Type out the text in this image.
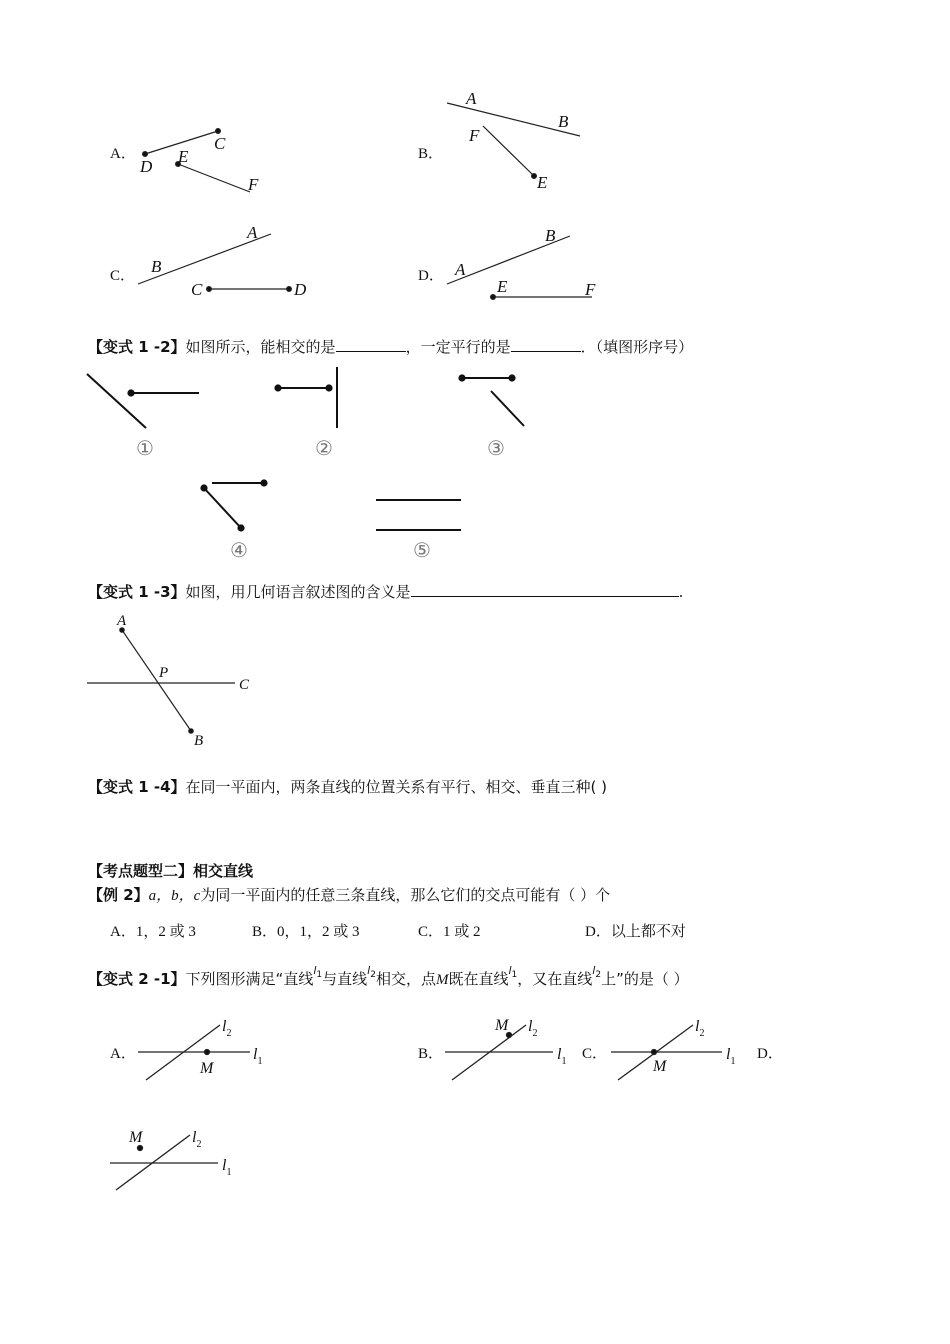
A．	B．
C．	D．
C
D
E
F
A
B
F
E
A
B
C	D
B
A
E	F
【变式 1 -2】如图所示，能相交的是	，一定平行的是	．（填图形序号）
①	②	③
④	⑤
【变式 1 -3】如图，用几何语言叙述图的含义是	.
A
P
C
B
【变式 1 -4】在同一平面内，两条直线的位置关系有平行、相交、垂直三种( )
【考点题型二】相交直线
【例 2】a，b，c为同一平面内的任意三条直线，那么它们的交点可能有（ ）个
A．1，2 或 3	B．0，1，2 或 3	C．1 或 2	D．以上都不对
【变式 2 -1】下列图形满足“直线$^{l_1}$与直线$^{l_2}$相交，点M既在直线$^{l_1}$，又在直线$^{l_2}$上”的是（ ）
A．	B．	C．	D．
M
$l_2$
$l_1$
M $l_2$
$l_1$	M
$l_2$
$l_1$
M	$l_2$
$l_1$
